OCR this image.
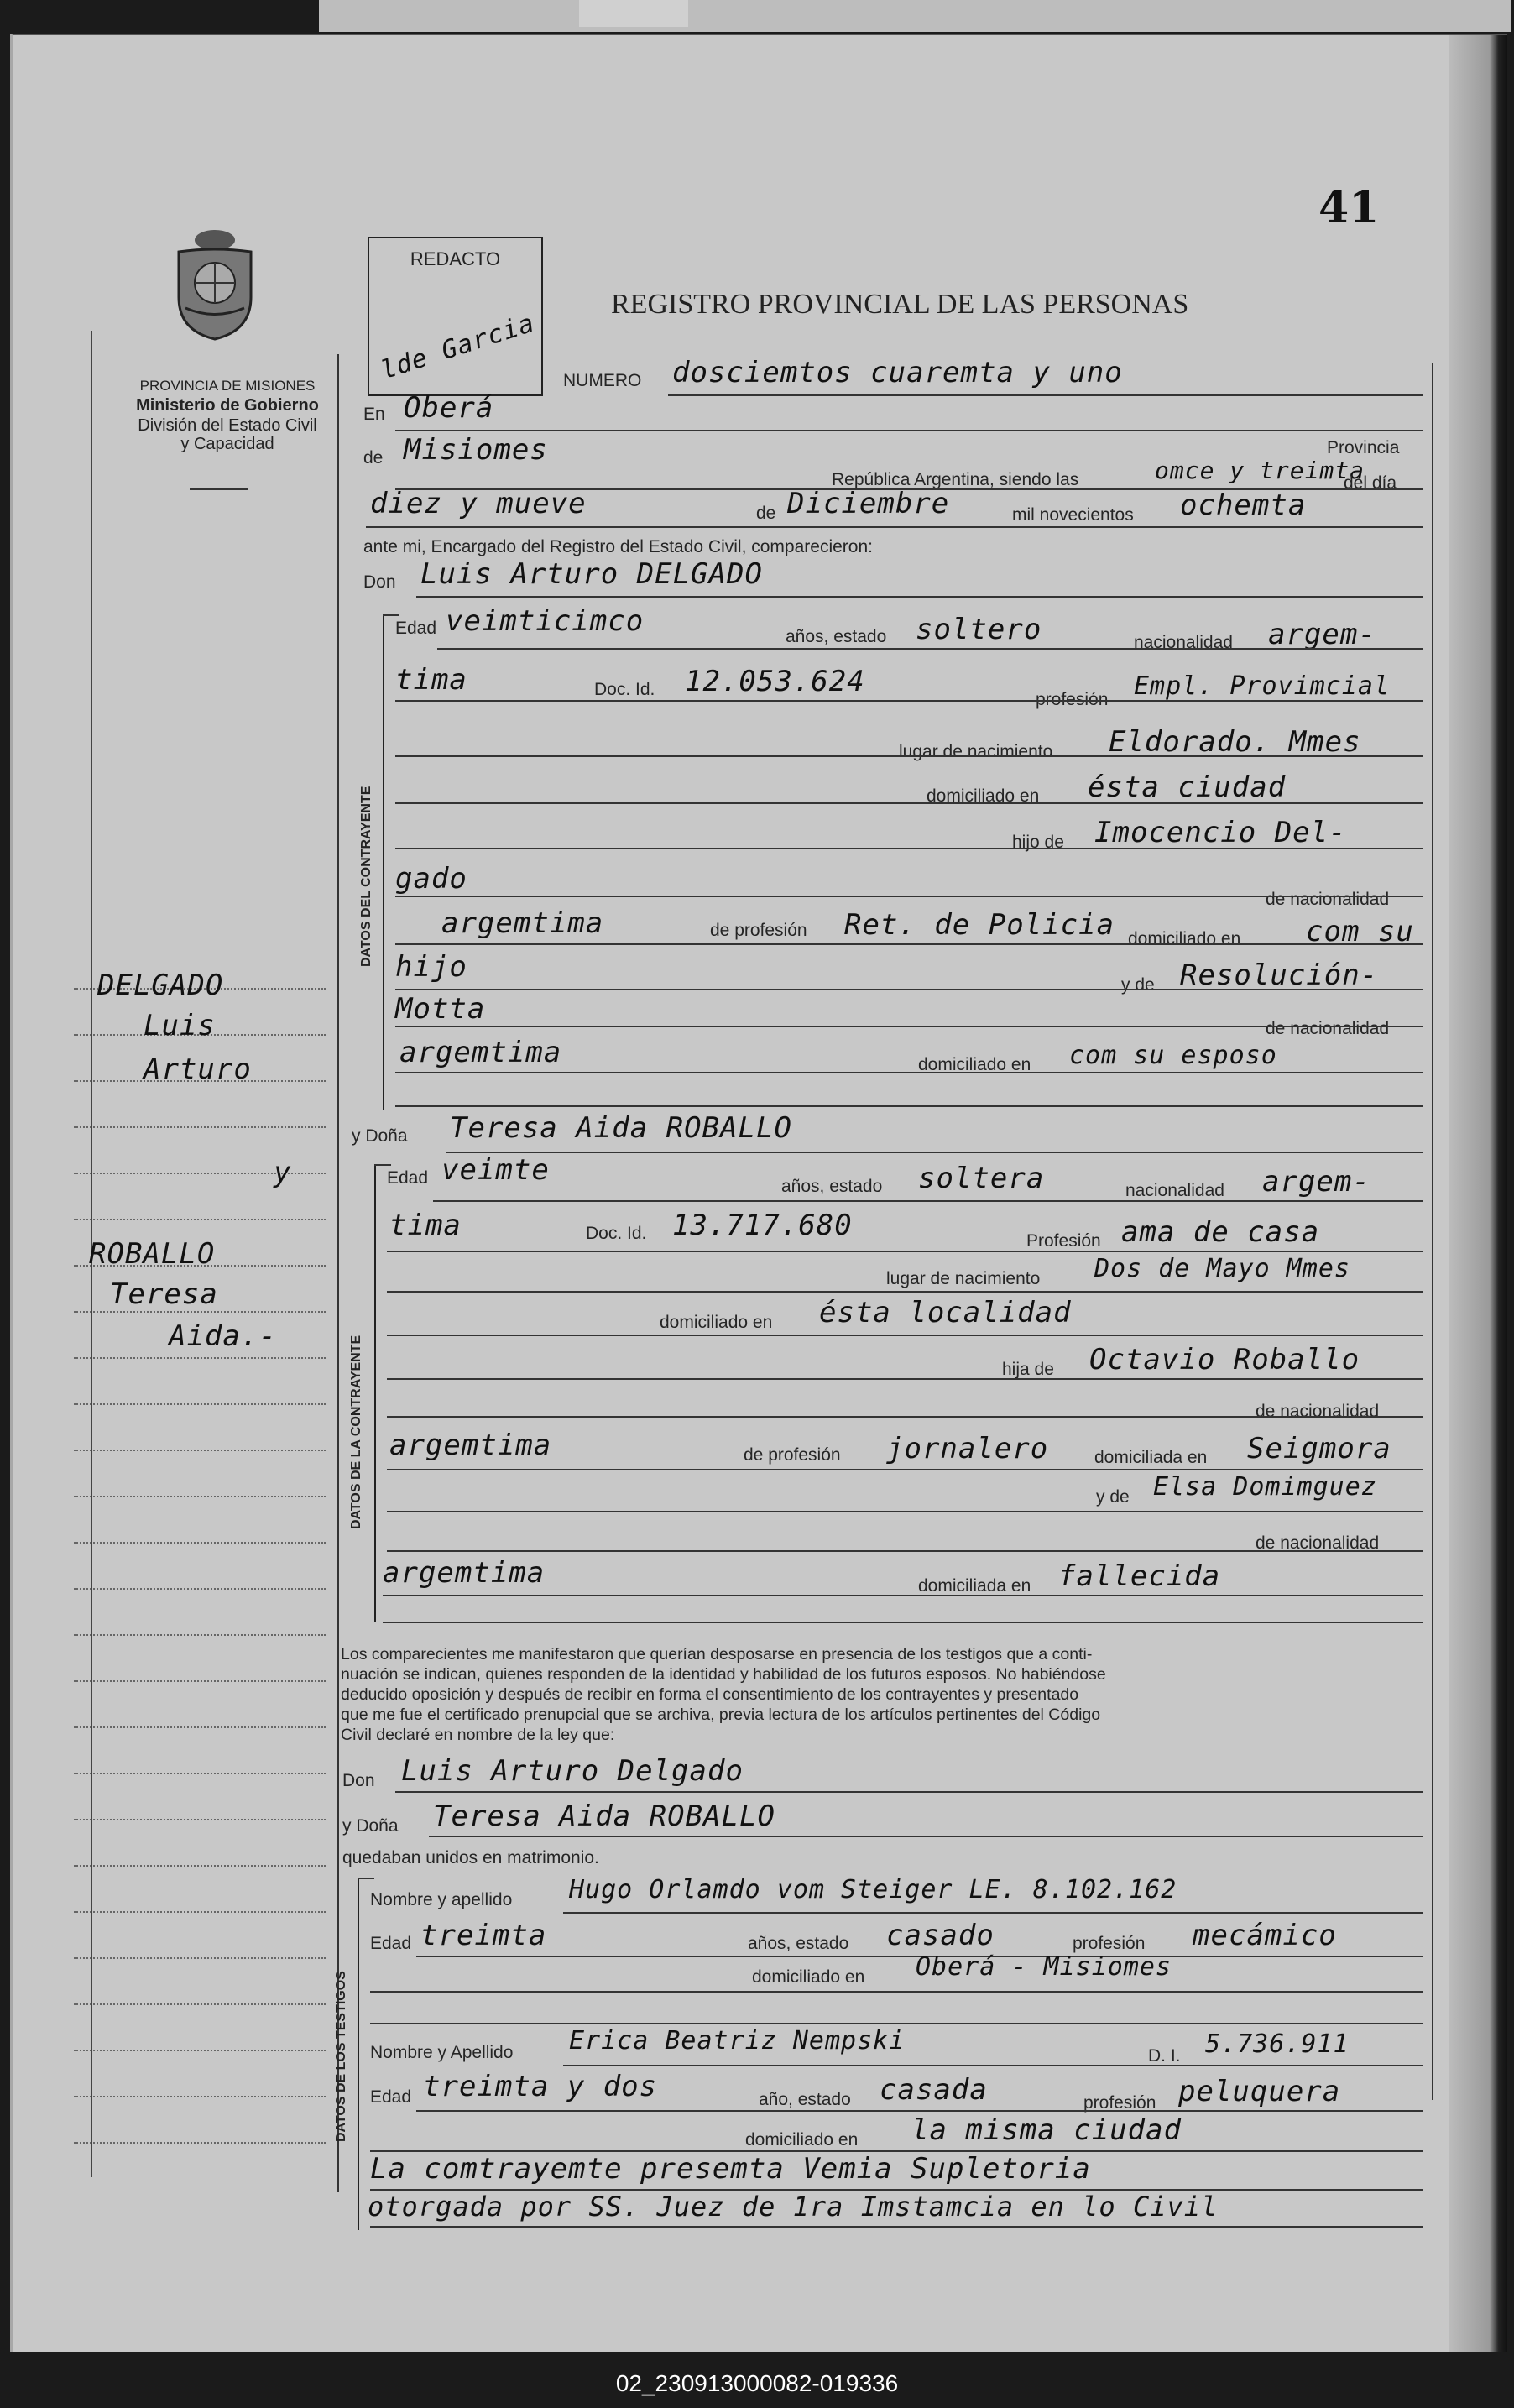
41
PROVINCIA DE MISIONES
Ministerio de Gobierno
División del Estado Civil
y Capacidad
REDACTO
lde Garcia
REGISTRO PROVINCIAL DE LAS PERSONAS
DELGADO
Luis
Arturo
y
ROBALLO
Teresa
Aida.-
NUMERO dosciemtos cuaremta y uno
En Oberá
Provincia
de Misiomes
República Argentina, siendo las	omce y treimta
del día
diez y mueve	de Diciembre	mil novecientos ochemta
ante mi, Encargado del Registro del Estado Civil, comparecieron:
Don Luis Arturo DELGADO
DATOS DEL CONTRAYENTE
Edad veimticimco	años, estado soltero	nacionalidad argem-
tima	Doc. Id. 12.053.624
profesión Empl. Provimcial
lugar de nacimiento Eldorado. Mmes
domiciliado en ésta ciudad
hijo de Imocencio Del-
gado
de nacionalidad
argemtima	de profesión Ret. de Policia domiciliado en com su
hijo
y de Resolución-
Motta
de nacionalidad
argemtima	domiciliado en com su esposo
y Doña Teresa Aida ROBALLO
DATOS DE LA CONTRAYENTE
Edad veimte	años, estado soltera	nacionalidad argem-
tima	Doc. Id. 13.717.680	Profesión ama de casa
lugar de nacimiento Dos de Mayo Mmes
domiciliado en ésta localidad
hija de Octavio Roballo
de nacionalidad
argemtima	de profesión jornalero	domiciliada en Seigmora
y de Elsa Domimguez
de nacionalidad
argemtima	domiciliada en fallecida
Los comparecientes me manifestaron que querían desposarse en presencia de los testigos que a conti-
nuación se indican, quienes responden de la identidad y habilidad de los futuros esposos. No habiéndose
deducido oposición y después de recibir en forma el consentimiento de los contrayentes y presentado
que me fue el certificado prenupcial que se archiva, previa lectura de los artículos pertinentes del Código
Civil declaré en nombre de la ley que:
Don Luis Arturo Delgado
y Doña Teresa Aida ROBALLO
quedaban unidos en matrimonio.
DATOS DE LOS TESTIGOS
Nombre y apellido Hugo Orlamdo vom Steiger LE. 8.102.162
Edad treimta	años, estado casado	profesión mecámico
domiciliado en Oberá - Misiomes
Nombre y Apellido Erica Beatriz Nempski
D. I. 5.736.911
Edad treimta y dos	año, estado casada	profesión peluquera
domiciliado en la misma ciudad
La comtrayemte presemta Vemia Supletoria
otorgada por SS. Juez de 1ra Imstamcia en lo Civil
02_230913000082-019336
